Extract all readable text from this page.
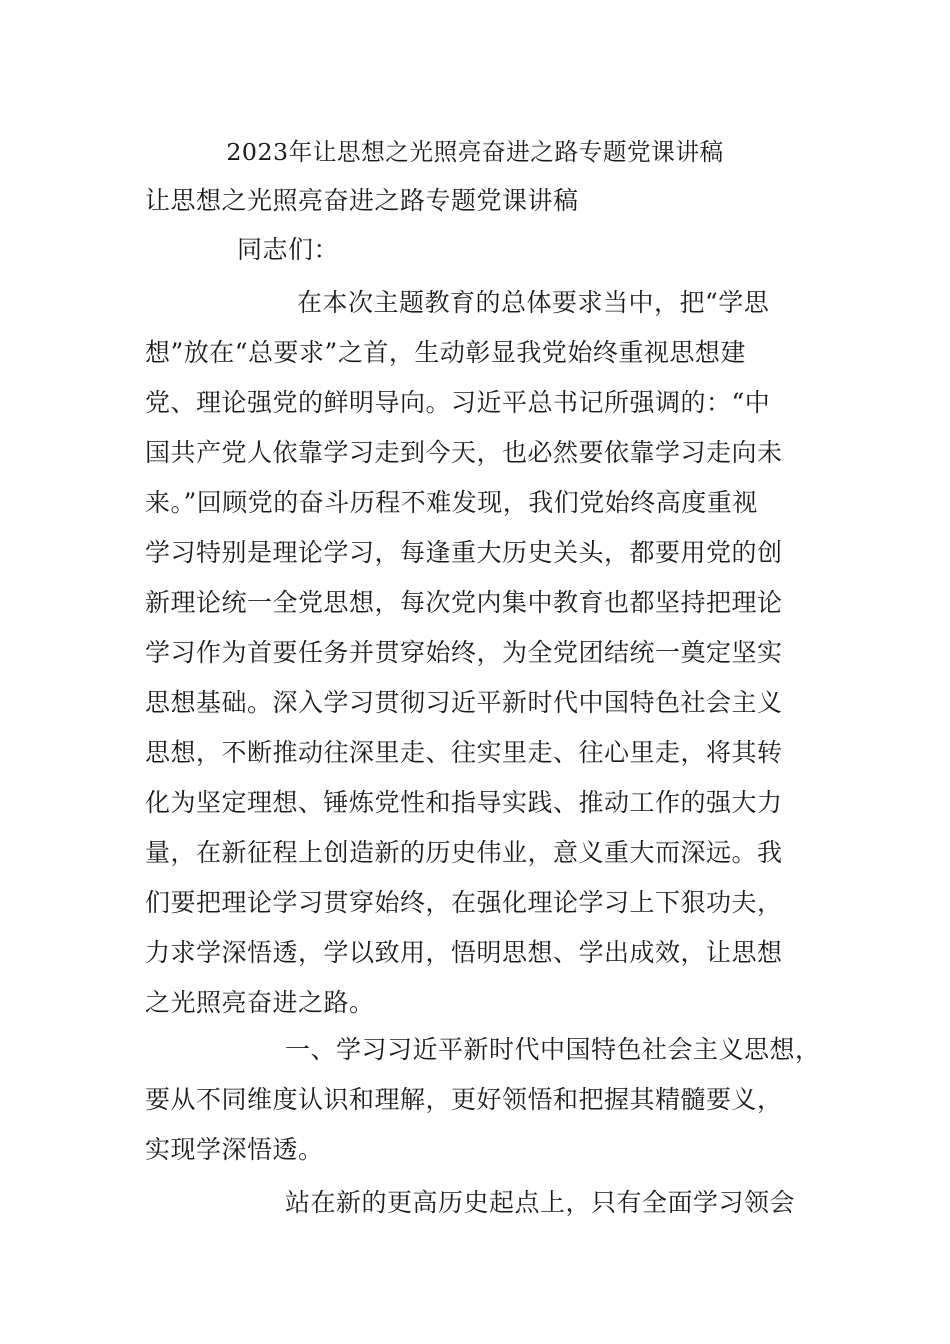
2023年让思想之光照亮奋进之路专题党课讲稿
让思想之光照亮奋进之路专题党课讲稿
同志们：
在本次主题教育的总体要求当中，把“学思
想”放在“总要求”之首，生动彰显我党始终重视思想建
党、理论强党的鲜明导向。习近平总书记所强调的：“中
国共产党人依靠学习走到今天，也必然要依靠学习走向未
来。”回顾党的奋斗历程不难发现，我们党始终高度重视
学习特别是理论学习，每逢重大历史关头，都要用党的创
新理论统一全党思想，每次党内集中教育也都坚持把理论
学习作为首要任务并贯穿始终，为全党团结统一奠定坚实
思想基础。深入学习贯彻习近平新时代中国特色社会主义
思想，不断推动往深里走、往实里走、往心里走，将其转
化为坚定理想、锤炼党性和指导实践、推动工作的强大力
量，在新征程上创造新的历史伟业，意义重大而深远。我
们要把理论学习贯穿始终，在强化理论学习上下狠功夫，
力求学深悟透，学以致用，悟明思想、学出成效，让思想
之光照亮奋进之路。
一、学习习近平新时代中国特色社会主义思想，
要从不同维度认识和理解，更好领悟和把握其精髓要义，
实现学深悟透。
站在新的更高历史起点上，只有全面学习领会
